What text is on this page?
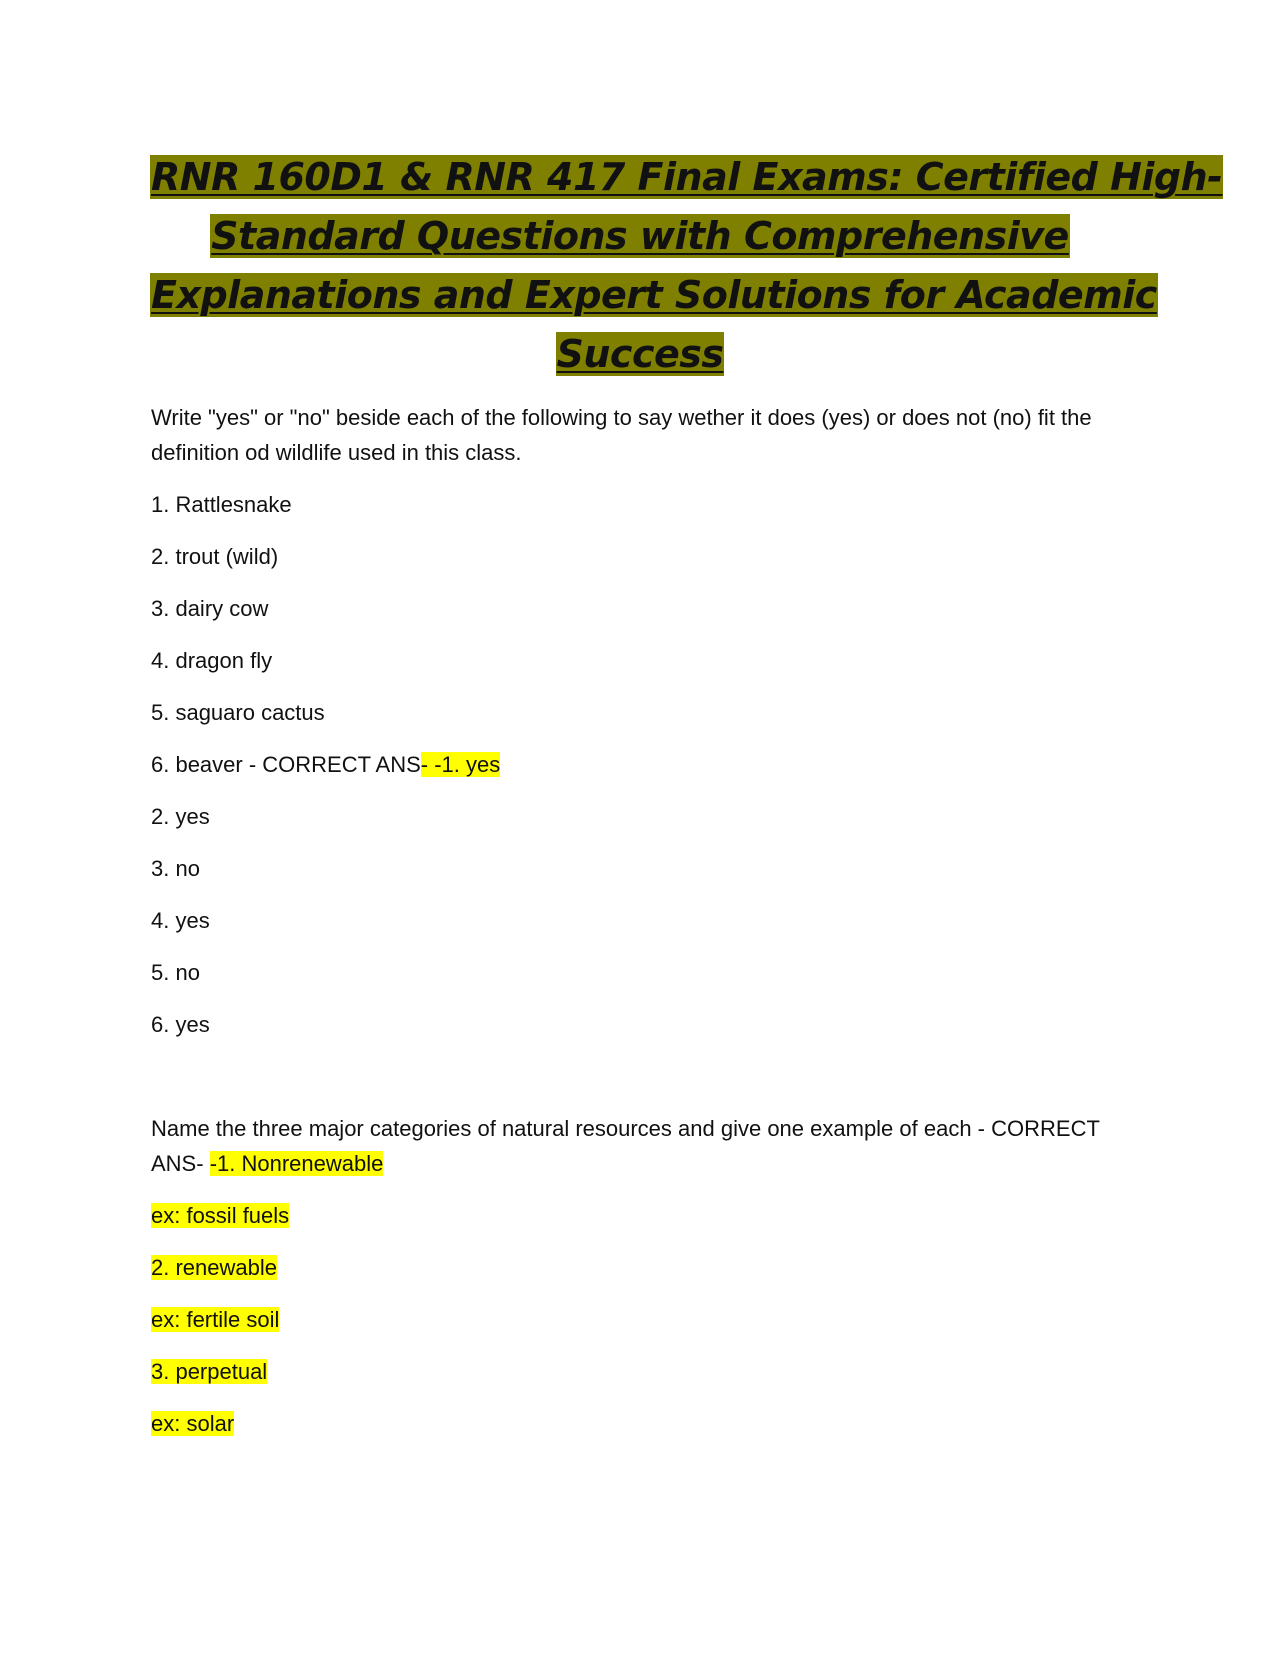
RNR 160D1 & RNR 417 Final Exams: Certified High-
Standard Questions with Comprehensive
Explanations and Expert Solutions for Academic
Success

Write "yes" or "no" beside each of the following to say wether it does (yes) or does not (no) fit the definition od wildlife used in this class.

1. Rattlesnake

2. trout (wild)

3. dairy cow

4. dragon fly

5. saguaro cactus

6. beaver - CORRECT ANS- -1. yes

2. yes

3. no

4. yes

5. no

6. yes

Name the three major categories of natural resources and give one example of each - CORRECT ANS- -1. Nonrenewable

ex: fossil fuels

2. renewable

ex: fertile soil

3. perpetual

ex: solar
